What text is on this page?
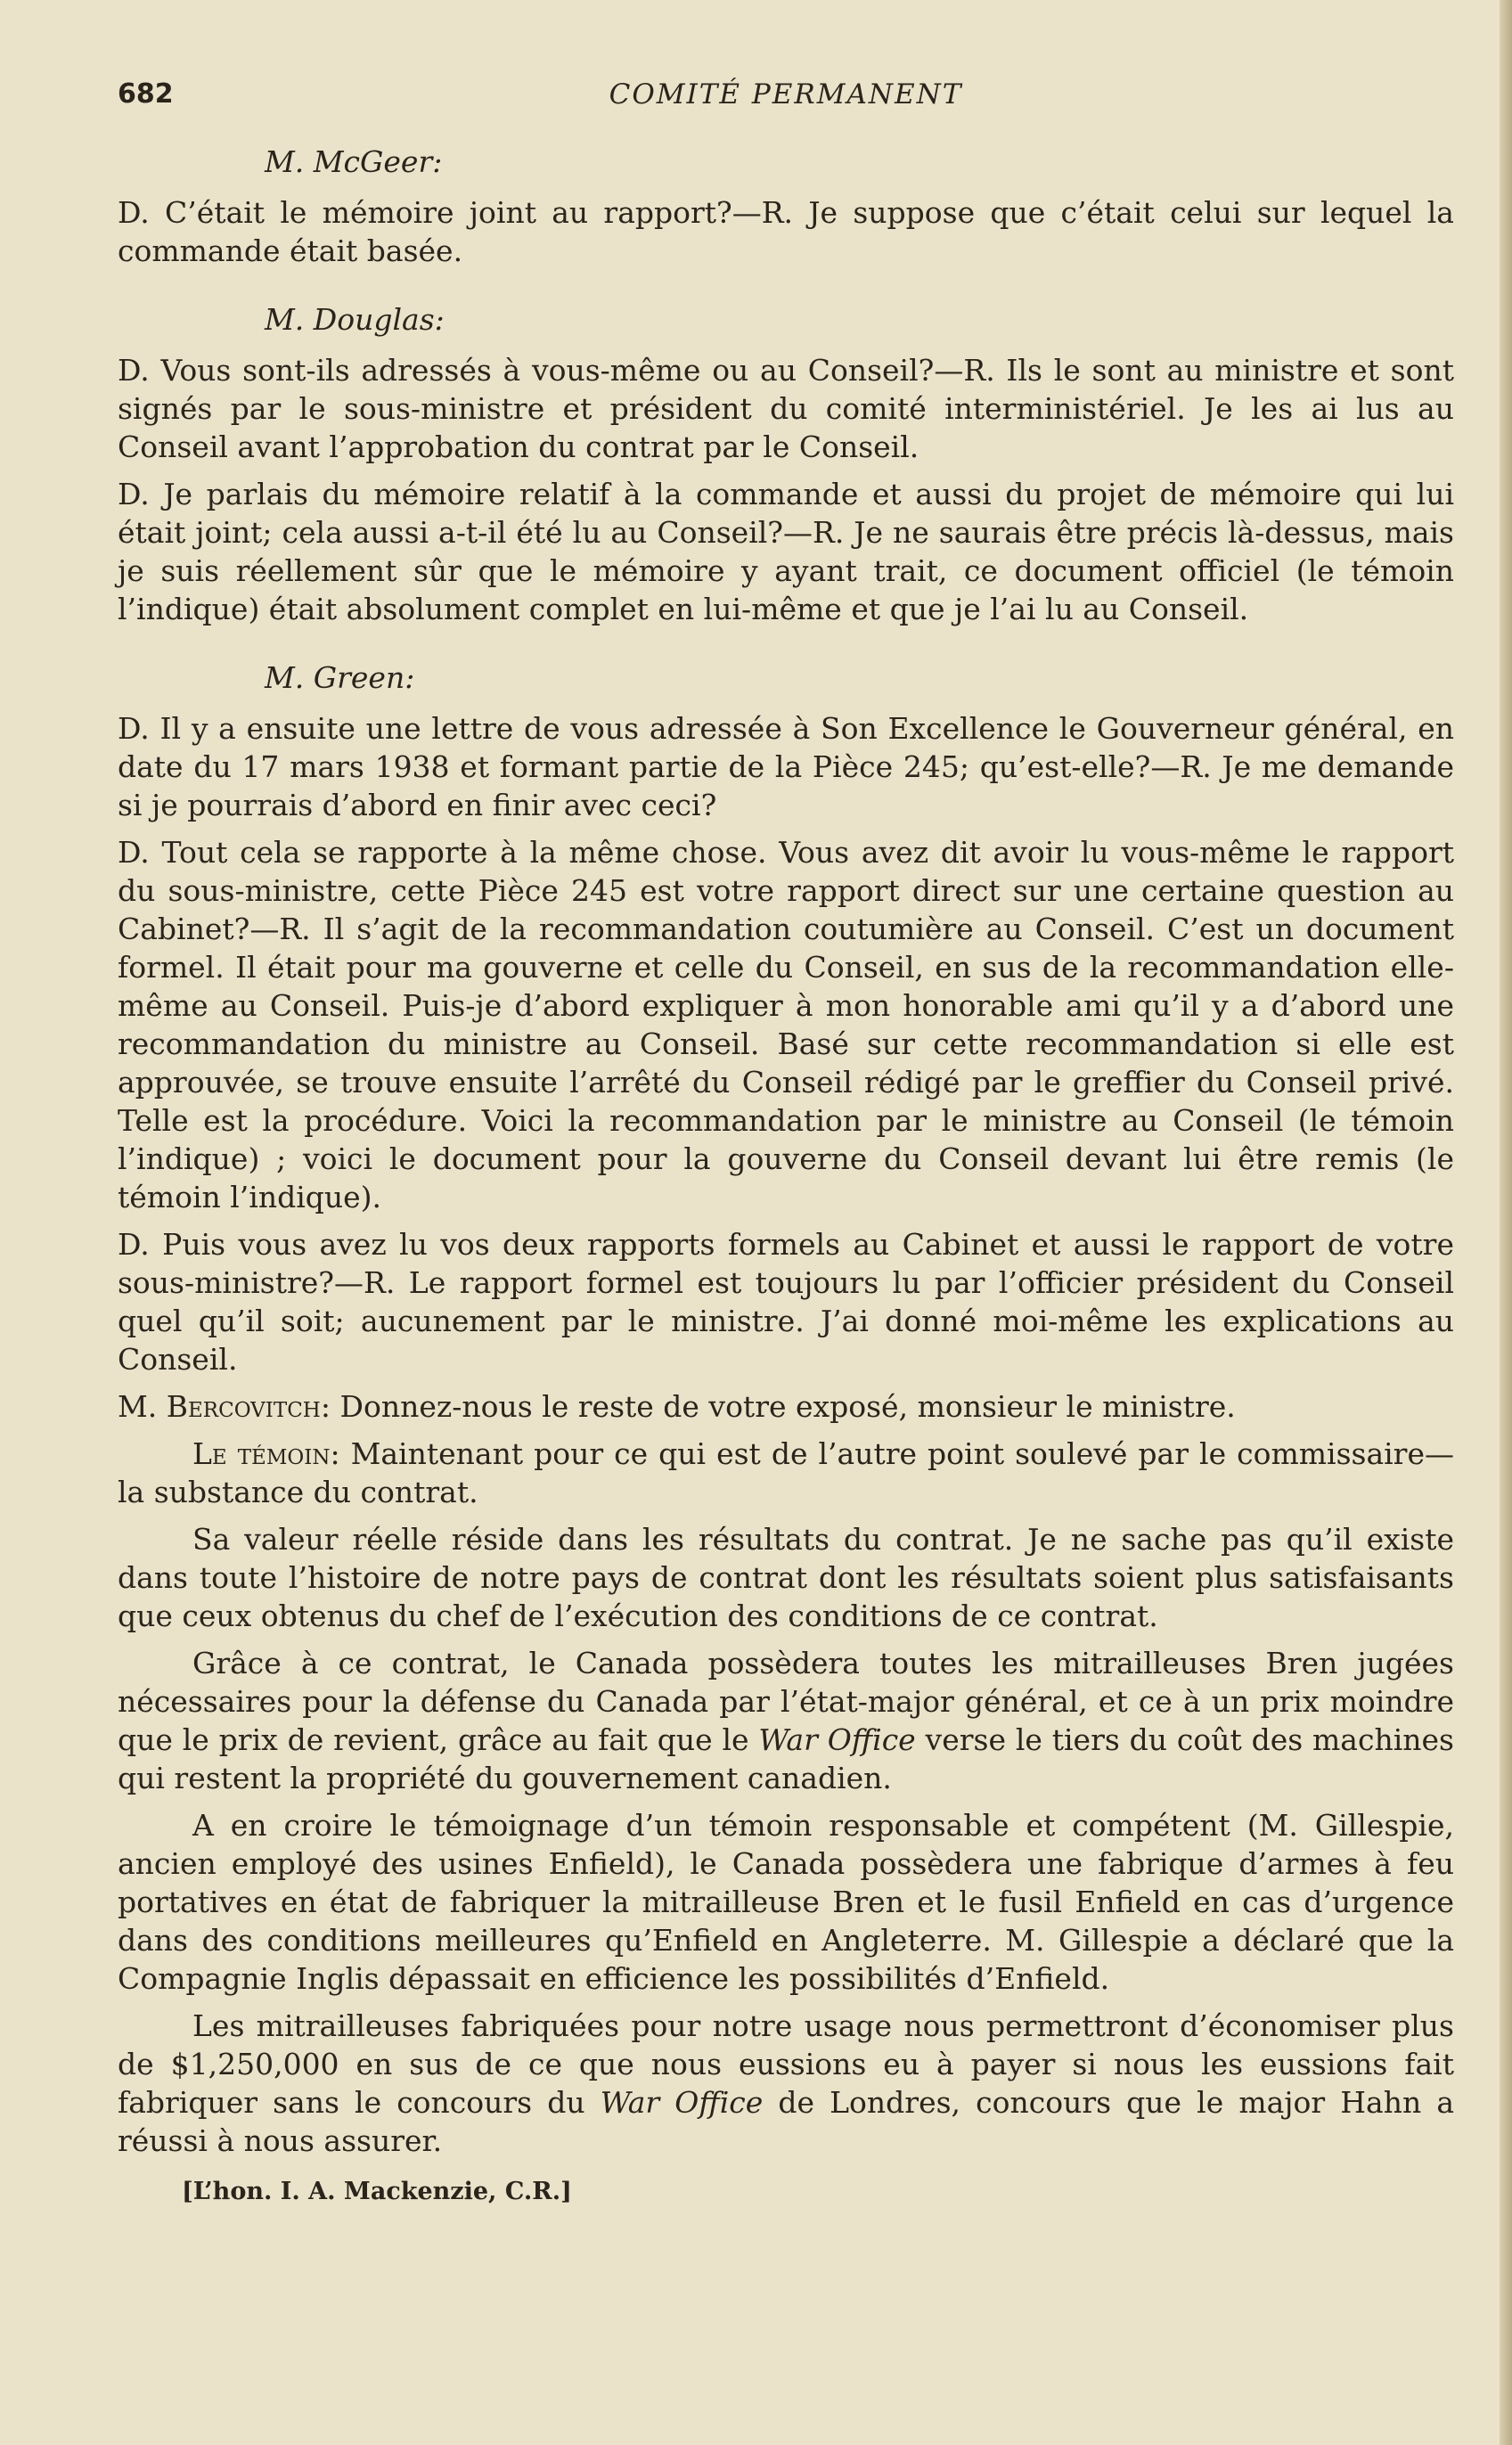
682	COMITÉ PERMANENT

M. McGeer:

D. C’était le mémoire joint au rapport?—R. Je suppose que c’était celui sur lequel la commande était basée.

M. Douglas:

D. Vous sont-ils adressés à vous-même ou au Conseil?—R. Ils le sont au ministre et sont signés par le sous-ministre et président du comité interministériel. Je les ai lus au Conseil avant l’approbation du contrat par le Conseil.

D. Je parlais du mémoire relatif à la commande et aussi du projet de mémoire qui lui était joint; cela aussi a-t-il été lu au Conseil?—R. Je ne saurais être précis là-dessus, mais je suis réellement sûr que le mémoire y ayant trait, ce document officiel (le témoin l’indique) était absolument complet en lui-même et que je l’ai lu au Conseil.

M. Green:

D. Il y a ensuite une lettre de vous adressée à Son Excellence le Gouverneur général, en date du 17 mars 1938 et formant partie de la Pièce 245; qu’est-elle?—R. Je me demande si je pourrais d’abord en finir avec ceci?

D. Tout cela se rapporte à la même chose. Vous avez dit avoir lu vous-même le rapport du sous-ministre, cette Pièce 245 est votre rapport direct sur une certaine question au Cabinet?—R. Il s’agit de la recommandation coutumière au Conseil. C’est un document formel. Il était pour ma gouverne et celle du Conseil, en sus de la recommandation elle-même au Conseil. Puis-je d’abord expliquer à mon honorable ami qu’il y a d’abord une recommandation du ministre au Conseil. Basé sur cette recommandation si elle est approuvée, se trouve ensuite l’arrêté du Conseil rédigé par le greffier du Conseil privé. Telle est la procédure. Voici la recommandation par le ministre au Conseil (le témoin l’indique) ; voici le document pour la gouverne du Conseil devant lui être remis (le témoin l’indique).

D. Puis vous avez lu vos deux rapports formels au Cabinet et aussi le rapport de votre sous-ministre?—R. Le rapport formel est toujours lu par l’officier président du Conseil quel qu’il soit; aucunement par le ministre. J’ai donné moi-même les explications au Conseil.

M. Bercovitch: Donnez-nous le reste de votre exposé, monsieur le ministre.

Le témoin: Maintenant pour ce qui est de l’autre point soulevé par le commissaire—la substance du contrat.

Sa valeur réelle réside dans les résultats du contrat. Je ne sache pas qu’il existe dans toute l’histoire de notre pays de contrat dont les résultats soient plus satisfaisants que ceux obtenus du chef de l’exécution des conditions de ce contrat.

Grâce à ce contrat, le Canada possèdera toutes les mitrailleuses Bren jugées nécessaires pour la défense du Canada par l’état-major général, et ce à un prix moindre que le prix de revient, grâce au fait que le War Office verse le tiers du coût des machines qui restent la propriété du gouvernement canadien.

A en croire le témoignage d’un témoin responsable et compétent (M. Gillespie, ancien employé des usines Enfield), le Canada possèdera une fabrique d’armes à feu portatives en état de fabriquer la mitrailleuse Bren et le fusil Enfield en cas d’urgence dans des conditions meilleures qu’Enfield en Angleterre. M. Gillespie a déclaré que la Compagnie Inglis dépassait en efficience les possibilités d’Enfield.

Les mitrailleuses fabriquées pour notre usage nous permettront d’économiser plus de $1,250,000 en sus de ce que nous eussions eu à payer si nous les eussions fait fabriquer sans le concours du War Office de Londres, concours que le major Hahn a réussi à nous assurer.

[L’hon. I. A. Mackenzie, C.R.]
